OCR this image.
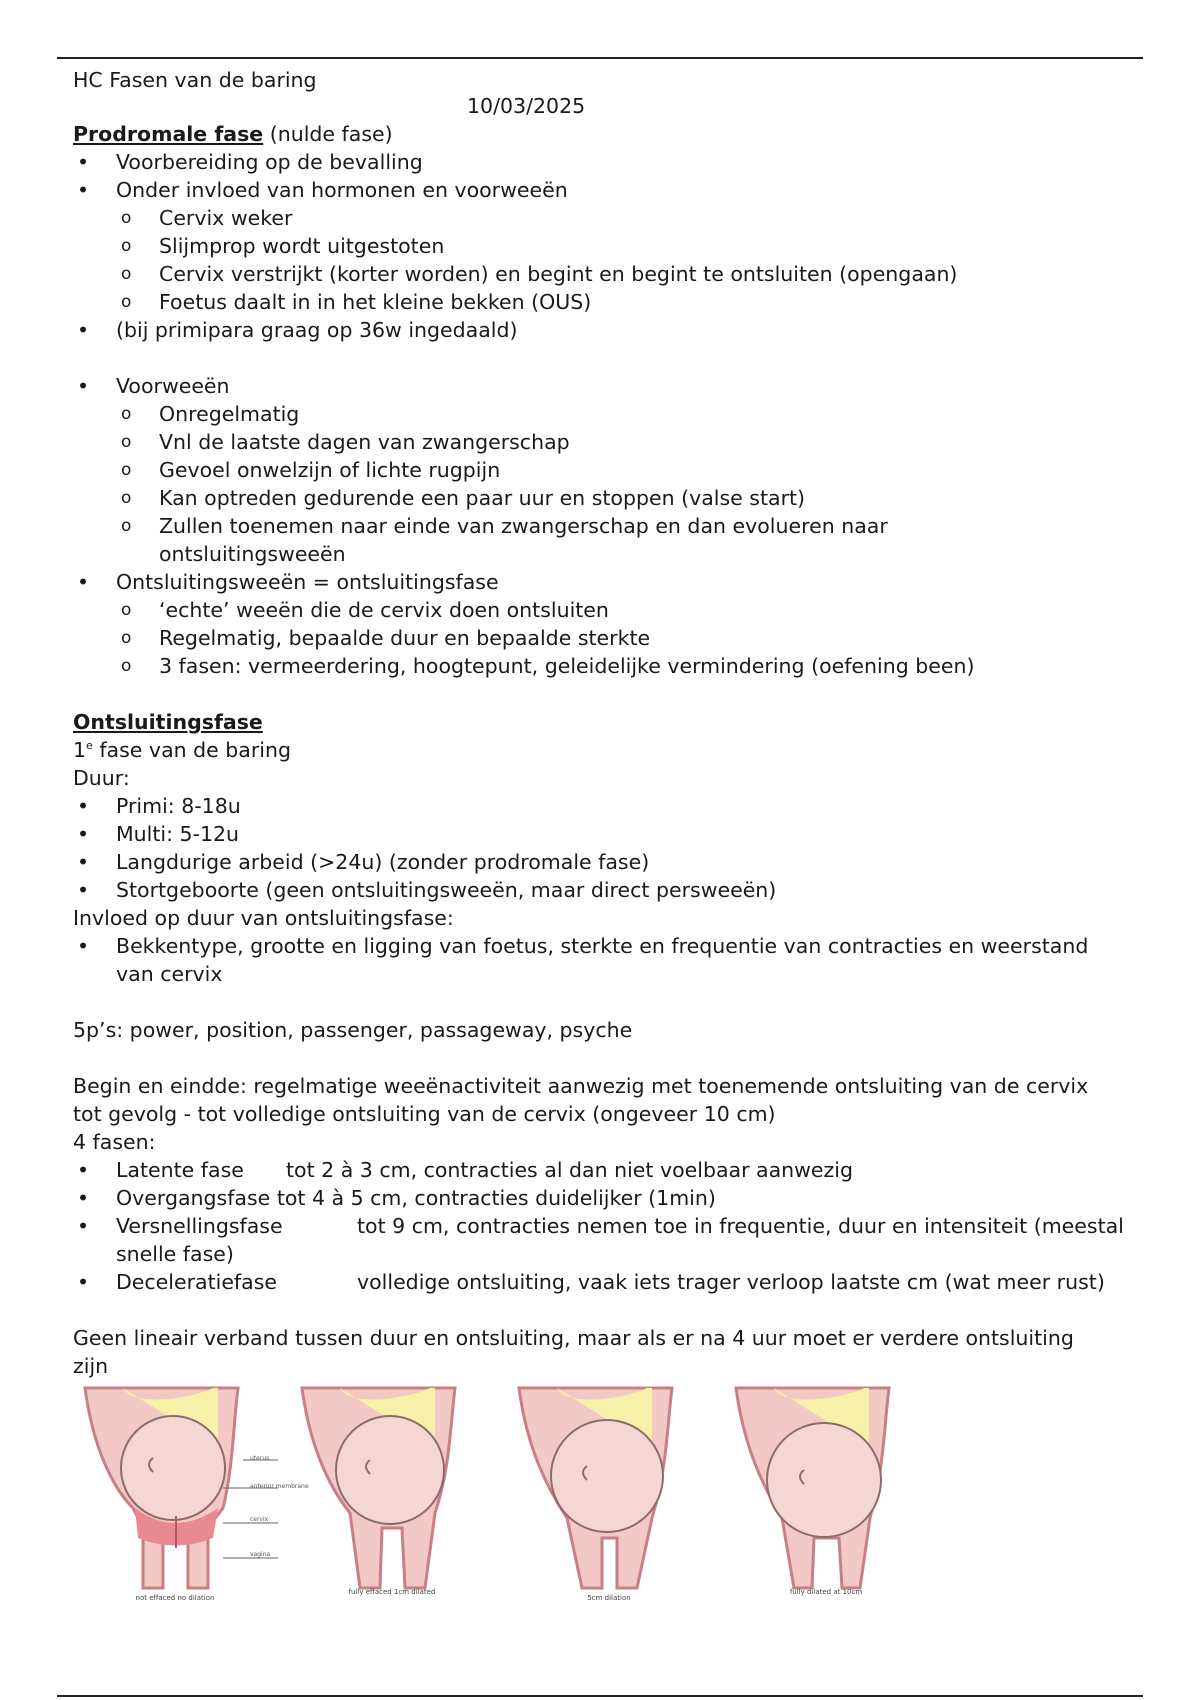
HC Fasen van de baring
10/03/2025
Prodromale fase (nulde fase)
• Voorbereiding op de bevalling
• Onder invloed van hormonen en voorweeën
o Cervix weker
o Slijmprop wordt uitgestoten
o Cervix verstrijkt (korter worden) en begint en begint te ontsluiten (opengaan)
o Foetus daalt in in het kleine bekken (OUS)
• (bij primipara graag op 36w ingedaald)
• Voorweeën
o Onregelmatig
o Vnl de laatste dagen van zwangerschap
o Gevoel onwelzijn of lichte rugpijn
o Kan optreden gedurende een paar uur en stoppen (valse start)
o Zullen toenemen naar einde van zwangerschap en dan evolueren naar ontsluitingsweeën
• Ontsluitingsweeën = ontsluitingsfase
o ‘echte’ weeën die de cervix doen ontsluiten
o Regelmatig, bepaalde duur en bepaalde sterkte
o 3 fasen: vermeerdering, hoogtepunt, geleidelijke vermindering (oefening been)
Ontsluitingsfase
1e fase van de baring
Duur:
• Primi: 8-18u
• Multi: 5-12u
• Langdurige arbeid (>24u) (zonder prodromale fase)
• Stortgeboorte (geen ontsluitingsweeën, maar direct persweeën)
Invloed op duur van ontsluitingsfase:
• Bekkentype, grootte en ligging van foetus, sterkte en frequentie van contracties en weerstand van cervix
5p’s: power, position, passenger, passageway, psyche
Begin en eindde: regelmatige weeënactiviteit aanwezig met toenemende ontsluiting van de cervix tot gevolg - tot volledige ontsluiting van de cervix (ongeveer 10 cm)
4 fasen:
• Latente fase tot 2 à 3 cm, contracties al dan niet voelbaar aanwezig
• Overgangsfase tot 4 à 5 cm, contracties duidelijker (1min)
• Versnellingsfase	tot 9 cm, contracties nemen toe in frequentie, duur en intensiteit (meestal snelle fase)
• Deceleratiefase	volledige ontsluiting, vaak iets trager verloop laatste cm (wat meer rust)
Geen lineair verband tussen duur en ontsluiting, maar als er na 4 uur moet er verdere ontsluiting zijn
not effaced no dilation
uterus
anterior membrane
cervix
vagina
fully effaced 1cm dilated
5cm dilation
fully dilated at 10cm
